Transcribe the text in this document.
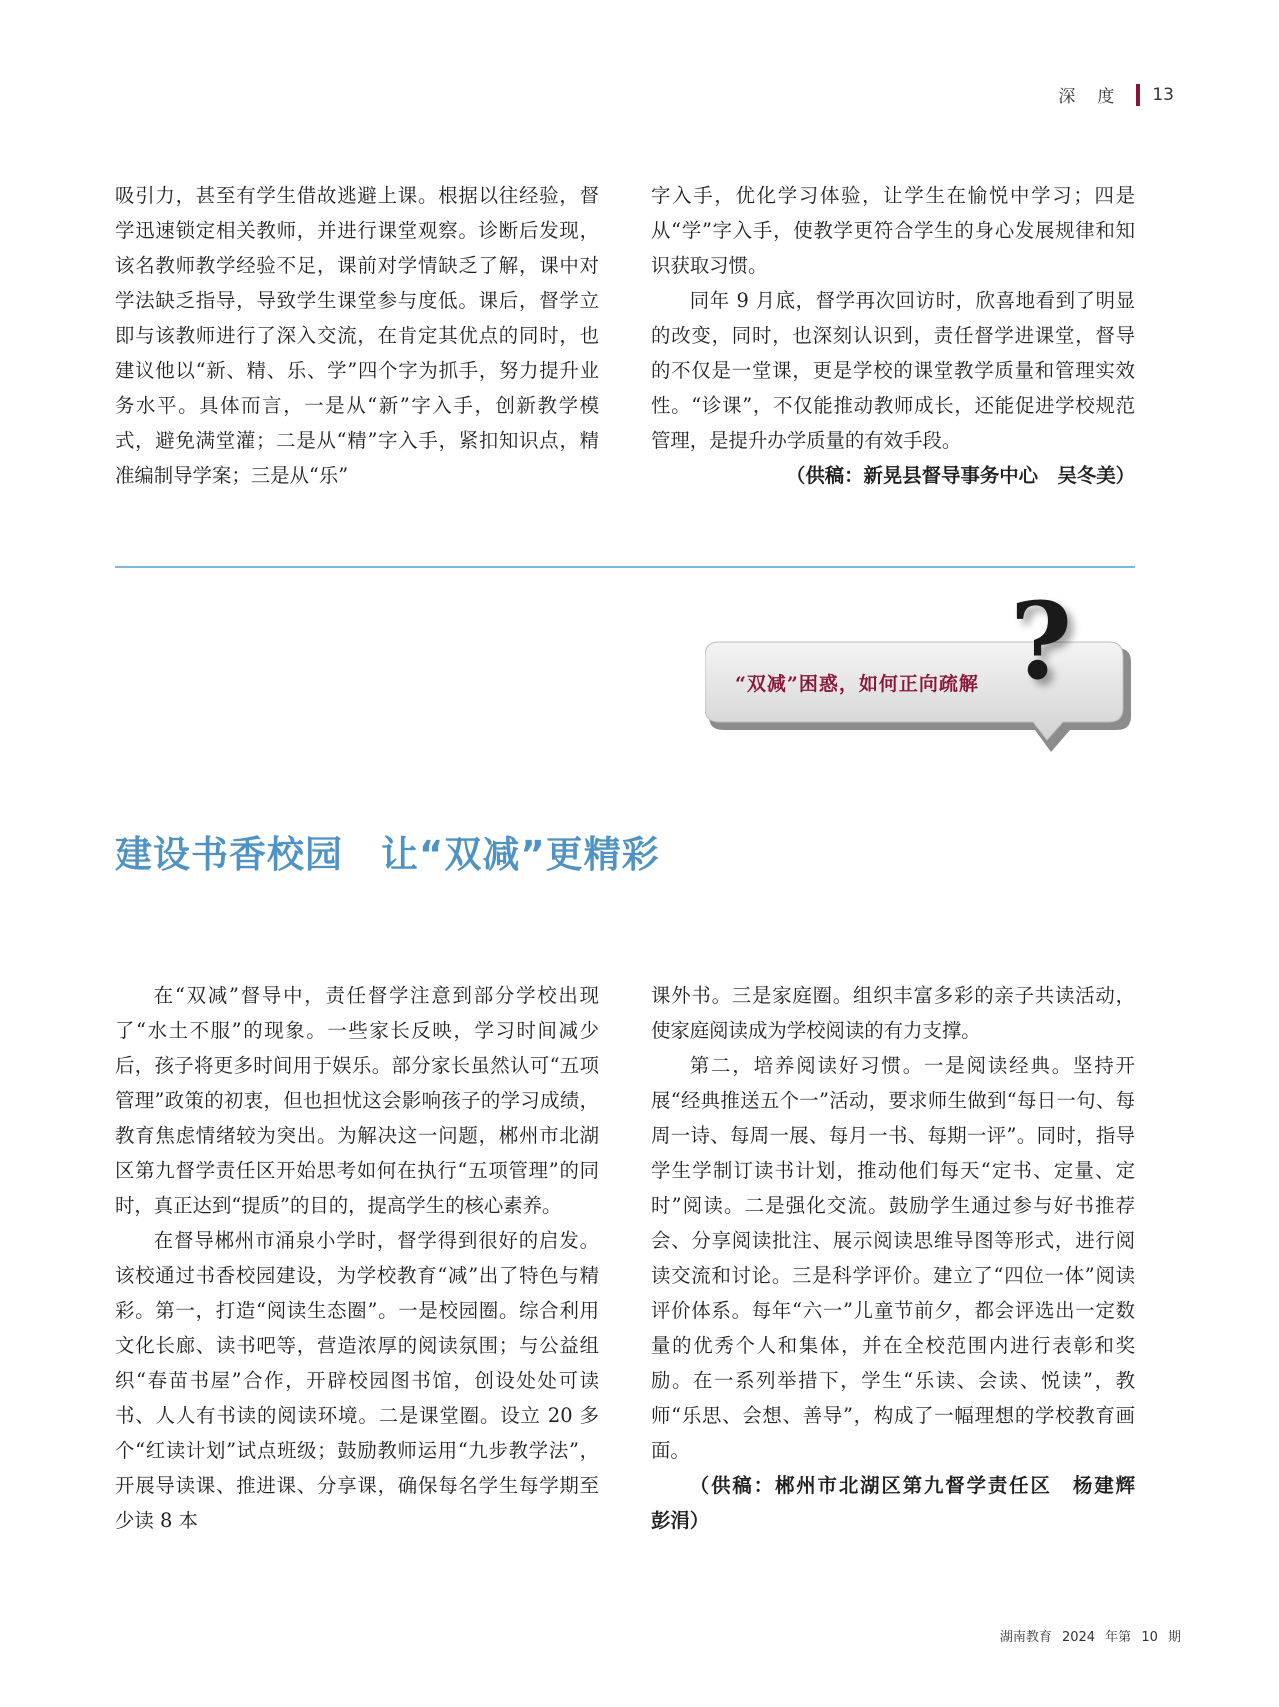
深度 13

吸引力，甚至有学生借故逃避上课。根据以往经验，督学迅速锁定相关教师，并进行课堂观察。诊断后发现，该名教师教学经验不足，课前对学情缺乏了解，课中对学法缺乏指导，导致学生课堂参与度低。课后，督学立即与该教师进行了深入交流，在肯定其优点的同时，也建议他以“新、精、乐、学”四个字为抓手，努力提升业务水平。具体而言，一是从“新”字入手，创新教学模式，避免满堂灌；二是从“精”字入手，紧扣知识点，精准编制导学案；三是从“乐”

字入手，优化学习体验，让学生在愉悦中学习；四是从“学”字入手，使教学更符合学生的身心发展规律和知识获取习惯。

同年 9 月底，督学再次回访时，欣喜地看到了明显的改变，同时，也深刻认识到，责任督学进课堂，督导的不仅是一堂课，更是学校的课堂教学质量和管理实效性。“诊课”，不仅能推动教师成长，还能促进学校规范管理，是提升办学质量的有效手段。

（供稿：新晃县督导事务中心　吴冬美）

“双减”困惑，如何正向疏解 ?
建设书香校园　让“双减”更精彩

在“双减”督导中，责任督学注意到部分学校出现了“水土不服”的现象。一些家长反映，学习时间减少后，孩子将更多时间用于娱乐。部分家长虽然认可“五项管理”政策的初衷，但也担忧这会影响孩子的学习成绩，教育焦虑情绪较为突出。为解决这一问题，郴州市北湖区第九督学责任区开始思考如何在执行“五项管理”的同时，真正达到“提质”的目的，提高学生的核心素养。

在督导郴州市涌泉小学时，督学得到很好的启发。该校通过书香校园建设，为学校教育“减”出了特色与精彩。第一，打造“阅读生态圈”。一是校园圈。综合利用文化长廊、读书吧等，营造浓厚的阅读氛围；与公益组织“春苗书屋”合作，开辟校园图书馆，创设处处可读书、人人有书读的阅读环境。二是课堂圈。设立 20 多个“红读计划”试点班级；鼓励教师运用“九步教学法”，开展导读课、推进课、分享课，确保每名学生每学期至少读 8 本

课外书。三是家庭圈。组织丰富多彩的亲子共读活动，使家庭阅读成为学校阅读的有力支撑。

第二，培养阅读好习惯。一是阅读经典。坚持开展“经典推送五个一”活动，要求师生做到“每日一句、每周一诗、每周一展、每月一书、每期一评”。同时，指导学生学制订读书计划，推动他们每天“定书、定量、定时”阅读。二是强化交流。鼓励学生通过参与好书推荐会、分享阅读批注、展示阅读思维导图等形式，进行阅读交流和讨论。三是科学评价。建立了“四位一体”阅读评价体系。每年“六一”儿童节前夕，都会评选出一定数量的优秀个人和集体，并在全校范围内进行表彰和奖励。在一系列举措下，学生“乐读、会读、悦读”，教师“乐思、会想、善导”，构成了一幅理想的学校教育画面。

（供稿：郴州市北湖区第九督学责任区　杨建辉　彭涓）

湖南教育 2024 年第 10 期
